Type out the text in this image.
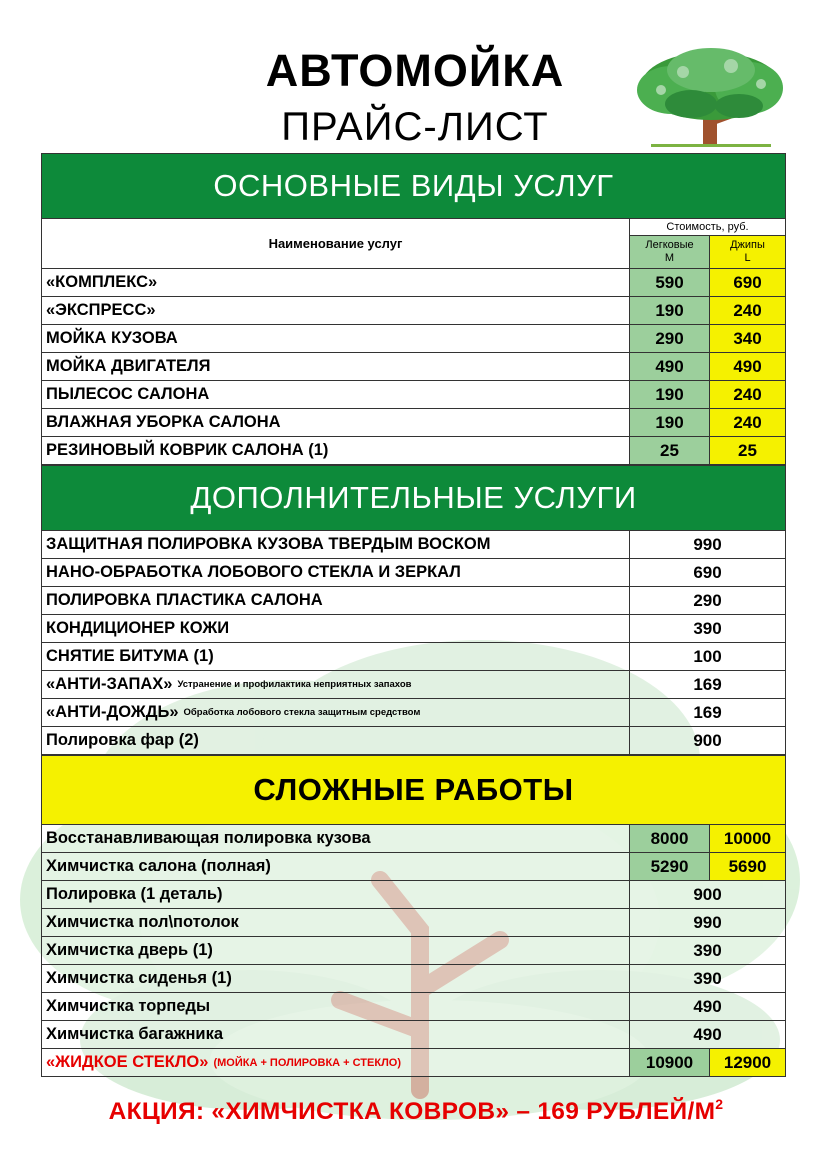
АВТОМОЙКА
ПРАЙС-ЛИСТ
ОСНОВНЫЕ ВИДЫ УСЛУГ
Наименование услуг
Стоимость, руб.
Легковые
M
Джипы
L
«КОМПЛЕКС»	590	690
«ЭКСПРЕСС»	190	240
МОЙКА КУЗОВА	290	340
МОЙКА ДВИГАТЕЛЯ	490	490
ПЫЛЕСОС САЛОНА	190	240
ВЛАЖНАЯ УБОРКА САЛОНА	190	240
РЕЗИНОВЫЙ КОВРИК САЛОНА (1)	25	25
ДОПОЛНИТЕЛЬНЫЕ УСЛУГИ
ЗАЩИТНАЯ ПОЛИРОВКА КУЗОВА ТВЕРДЫМ ВОСКОМ	990
НАНО-ОБРАБОТКА ЛОБОВОГО СТЕКЛА И ЗЕРКАЛ	690
ПОЛИРОВКА ПЛАСТИКА САЛОНА	290
КОНДИЦИОНЕР КОЖИ	390
СНЯТИЕ БИТУМА (1)	100
«АНТИ-ЗАПАХ» Устранение и профилактика неприятных запахов	169
«АНТИ-ДОЖДЬ» Обработка лобового стекла защитным средством	169
Полировка фар (2)	900
СЛОЖНЫЕ РАБОТЫ
Восстанавливающая полировка кузова	8000	10000
Химчистка салона (полная)	5290	5690
Полировка (1 деталь)	900
Химчистка пол\потолок	990
Химчистка дверь (1)	390
Химчистка сиденья (1)	390
Химчистка торпеды	490
Химчистка багажника	490
«ЖИДКОЕ СТЕКЛО» (МОЙКА + ПОЛИРОВКА + СТЕКЛО)	10900	12900
АКЦИЯ: «ХИМЧИСТКА КОВРОВ» – 169 РУБЛЕЙ/$М^2$
